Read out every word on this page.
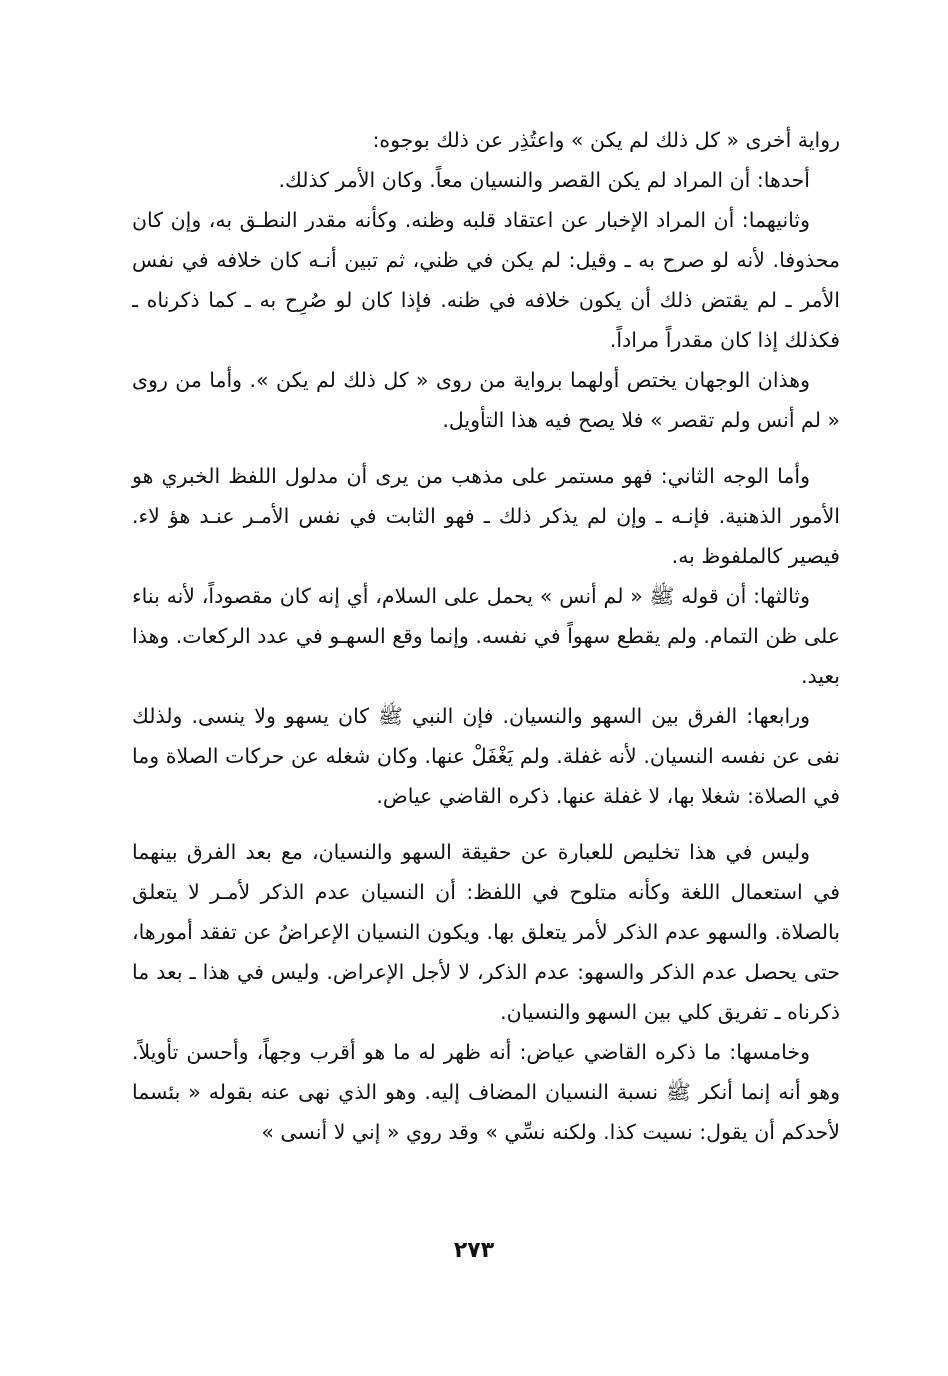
رواية أخرى « كل ذلك لم يكن » واعتُذِر عن ذلك بوجوه:

أحدها: أن المراد لم يكن القصر والنسيان معاً. وكان الأمر كذلك.

وثانيهما: أن المراد الإخبار عن اعتقاد قلبه وظنه. وكأنه مقدر النطـق به، وإن كان محذوفا. لأنه لو صرح به ـ وقيل: لم يكن في ظني، ثم تبين أنـه كان خلافه في نفس الأمر ـ لم يقتض ذلك أن يكون خلافه في ظنه. فإذا كان لو صُرِح به ـ كما ذكرناه ـ فكذلك إذا كان مقدراً مراداً.

وهذان الوجهان يختص أولهما برواية من روى « كل ذلك لم يكن ». وأما من روى « لم أنس ولم تقصر » فلا يصح فيه هذا التأويل.

وأما الوجه الثاني: فهو مستمر على مذهب من يرى أن مدلول اللفظ الخبري هو الأمور الذهنية. فإنـه ـ وإن لم يذكر ذلك ـ فهو الثابت في نفس الأمـر عنـد هؤ لاء. فيصير كالملفوظ به.

وثالثها: أن قوله ﷺ « لم أنس » يحمل على السلام، أي إنه كان مقصوداً، لأنه بناء على ظن التمام. ولم يقطع سهواً في نفسه. وإنما وقع السهـو في عدد الركعات. وهذا بعيد.

ورابعها: الفرق بين السهو والنسيان. فإن النبي ﷺ كان يسهو ولا ينسى. ولذلك نفى عن نفسه النسيان. لأنه غفلة. ولم يَغْفَلْ عنها. وكان شغله عن حركات الصلاة وما في الصلاة: شغلا بها، لا غفلة عنها. ذكره القاضي عياض.

وليس في هذا تخليص للعبارة عن حقيقة السهو والنسيان، مع بعد الفرق بينهما في استعمال اللغة وكأنه متلوح في اللفظ: أن النسيان عدم الذكر لأمـر لا يتعلق بالصلاة. والسهو عدم الذكر لأمر يتعلق بها. ويكون النسيان الإعراضُ عن تفقد أمورها، حتى يحصل عدم الذكر والسهو: عدم الذكر، لا لأجل الإعراض. وليس في هذا ـ بعد ما ذكرناه ـ تفريق كلي بين السهو والنسيان.

وخامسها: ما ذكره القاضي عياض: أنه ظهر له ما هو أقرب وجهاً، وأحسن تأويلاً. وهو أنه إنما أنكر ﷺ نسبة النسيان المضاف إليه. وهو الذي نهى عنه بقوله « بئسما لأحدكم أن يقول: نسيت كذا. ولكنه نسِّي » وقد روي « إني لا أنسى »

٢٧٣
